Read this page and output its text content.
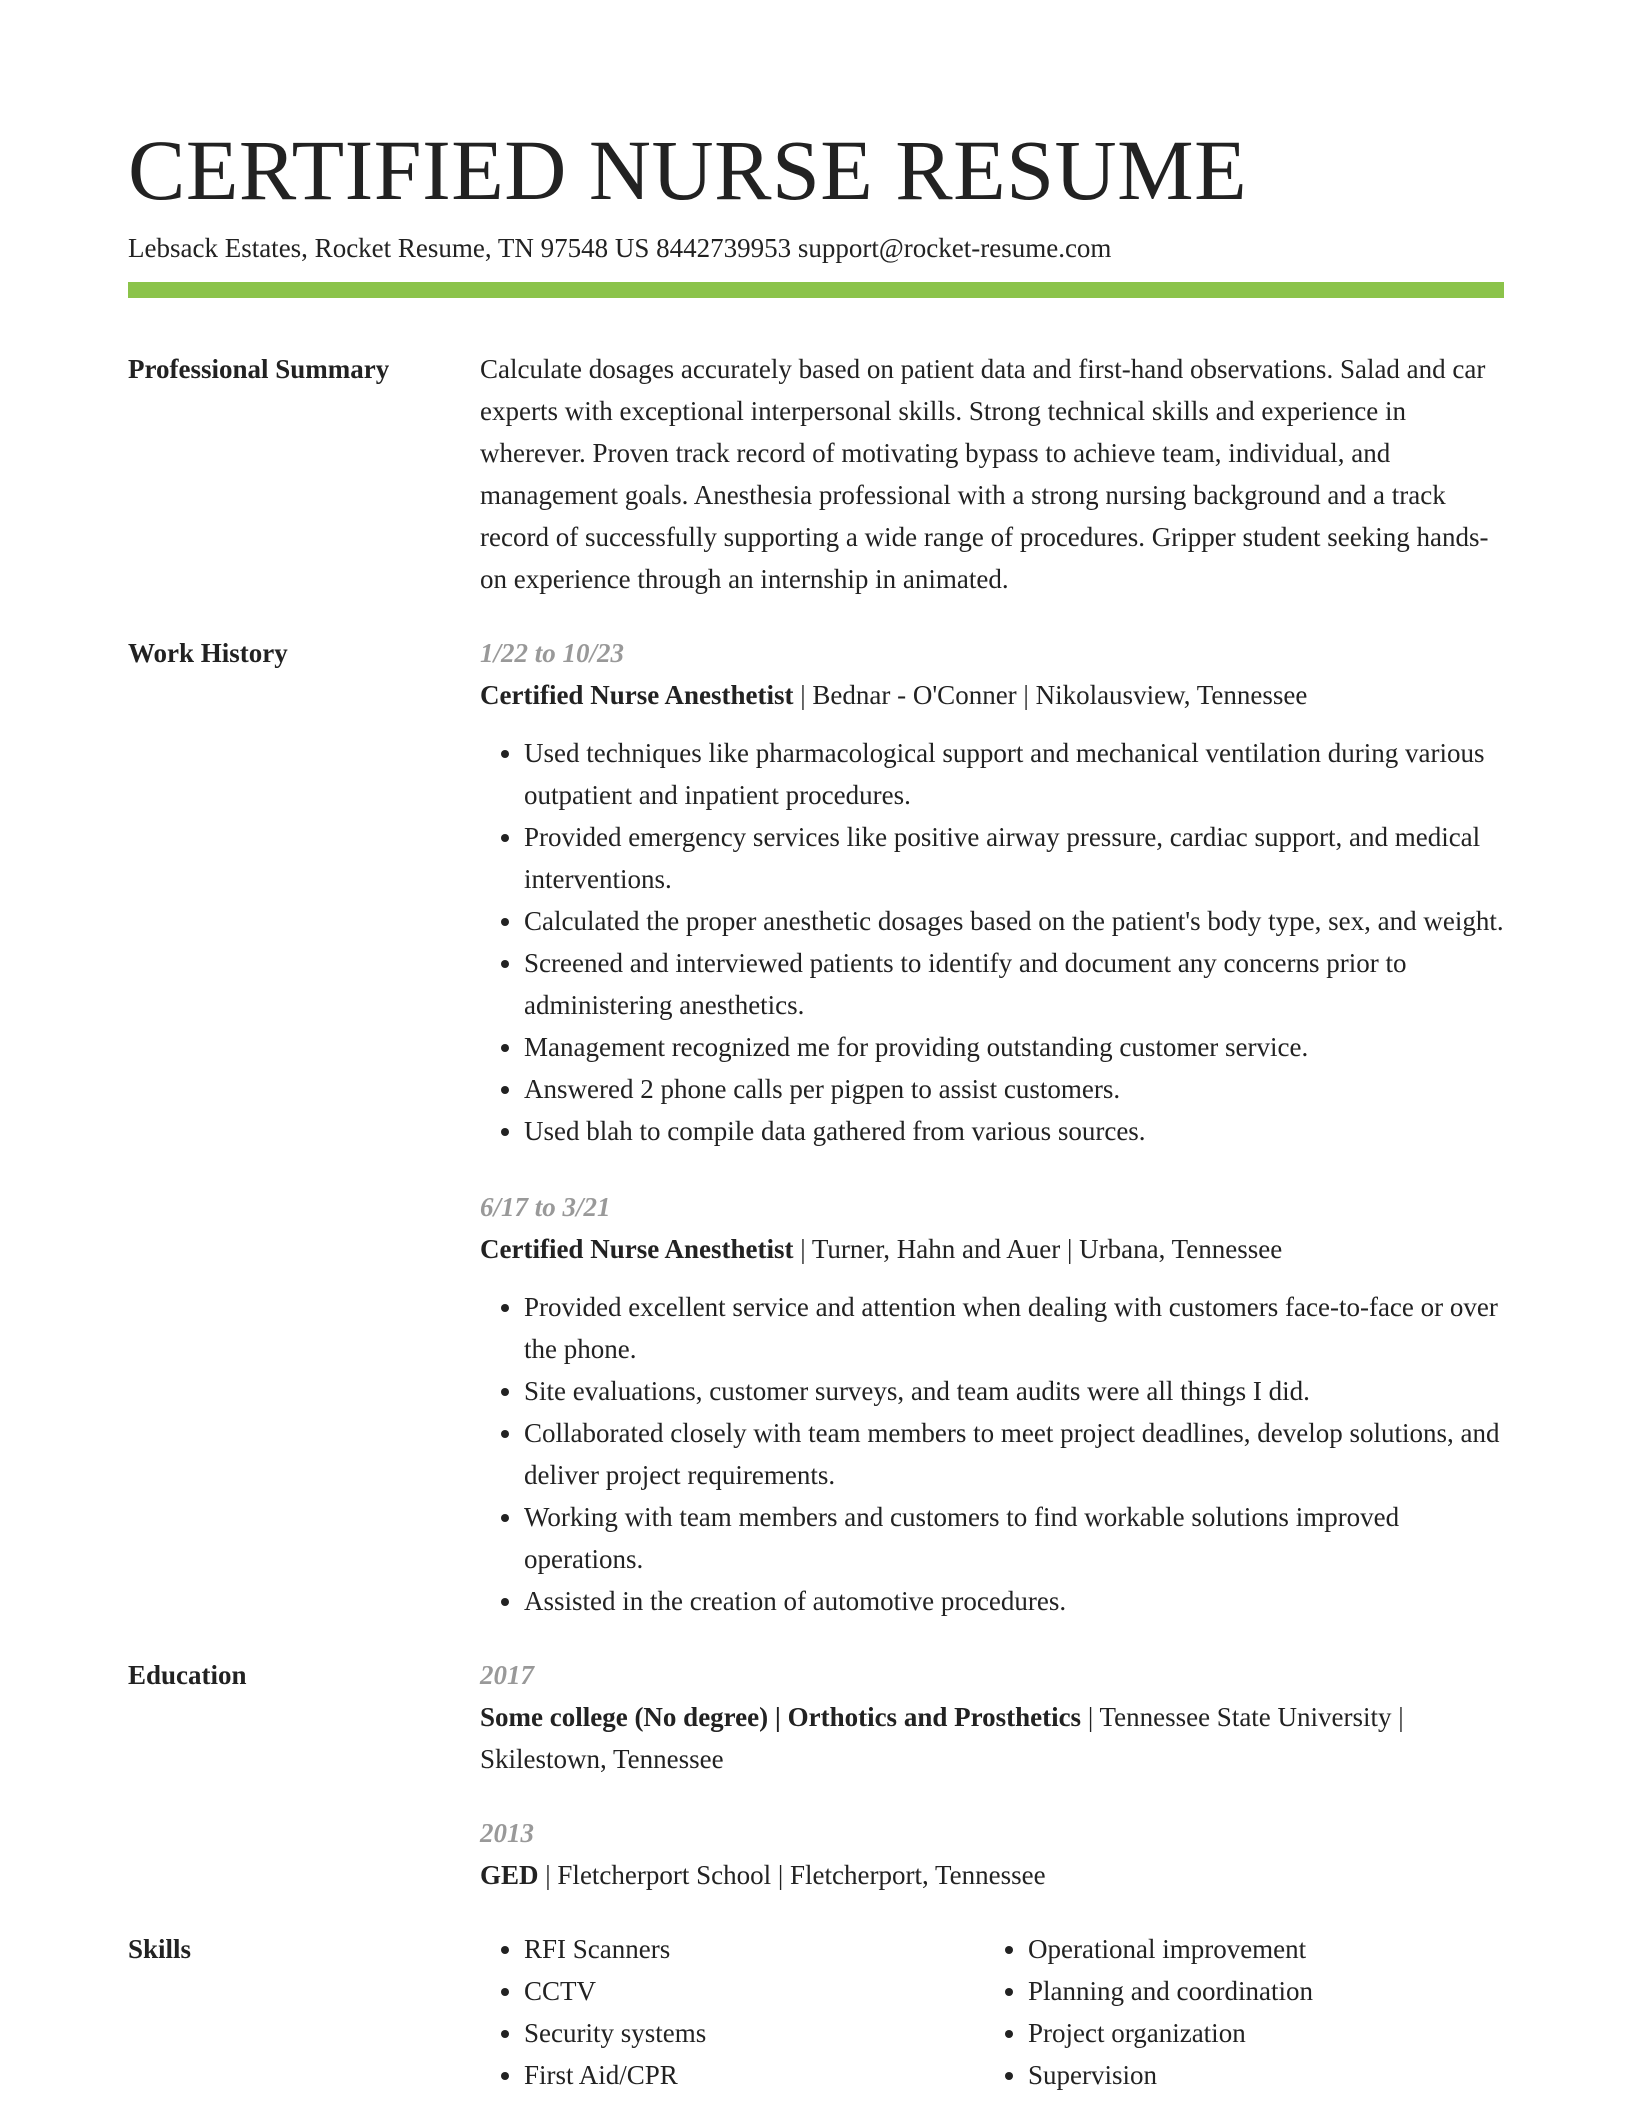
CERTIFIED NURSE RESUME
Lebsack Estates, Rocket Resume, TN 97548 US 8442739953 support@rocket-resume.com
Professional Summary	Calculate dosages accurately based on patient data and first-hand observations. Salad and car experts with exceptional interpersonal skills. Strong technical skills and experience in wherever. Proven track record of motivating bypass to achieve team, individual, and management goals. Anesthesia professional with a strong nursing background and a track record of successfully supporting a wide range of procedures. Gripper student seeking hands-on experience through an internship in animated.
Work History	1/22 to 10/23
Certified Nurse Anesthetist | Bednar - O'Conner | Nikolausview, Tennessee
• Used techniques like pharmacological support and mechanical ventilation during various outpatient and inpatient procedures.
• Provided emergency services like positive airway pressure, cardiac support, and medical interventions.
• Calculated the proper anesthetic dosages based on the patient's body type, sex, and weight.
• Screened and interviewed patients to identify and document any concerns prior to administering anesthetics.
• Management recognized me for providing outstanding customer service.
• Answered 2 phone calls per pigpen to assist customers.
• Used blah to compile data gathered from various sources.
6/17 to 3/21
Certified Nurse Anesthetist | Turner, Hahn and Auer | Urbana, Tennessee
• Provided excellent service and attention when dealing with customers face-to-face or over the phone.
• Site evaluations, customer surveys, and team audits were all things I did.
• Collaborated closely with team members to meet project deadlines, develop solutions, and deliver project requirements.
• Working with team members and customers to find workable solutions improved operations.
• Assisted in the creation of automotive procedures.
Education	2017
Some college (No degree) | Orthotics and Prosthetics | Tennessee State University | Skilestown, Tennessee
2013
GED | Fletcherport School | Fletcherport, Tennessee
Skills
•	RFI Scanners
• CCTV
• Security systems
• First Aid/CPR
• Operational improvement
• Planning and coordination
• Project organization
• Supervision
